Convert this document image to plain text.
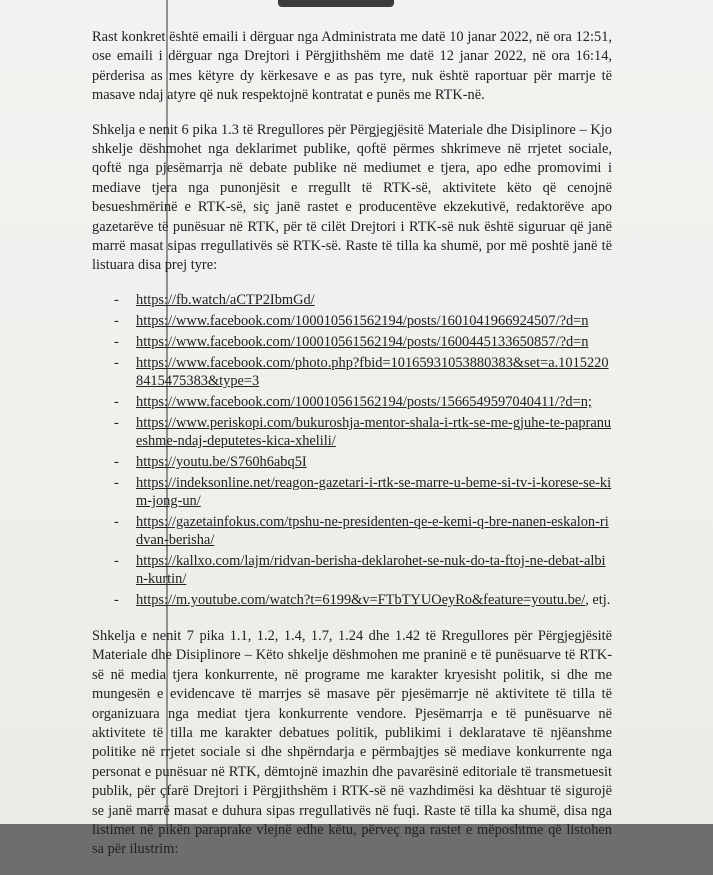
Rast konkret është emaili i dërguar nga Administrata me datë 10 janar 2022, në ora 12:51, ose emaili i dërguar nga Drejtori i Përgjithshëm me datë 12 janar 2022, në ora 16:14, përderisa as mes këtyre dy kërkesave e as pas tyre, nuk është raportuar për marrje të masave ndaj atyre që nuk respektojnë kontratat e punës me RTK-në.

Shkelja e nenit 6 pika 1.3 të Rregullores për Përgjegjësitë Materiale dhe Disiplinore – Kjo shkelje dëshmohet nga deklarimet publike, qoftë përmes shkrimeve në rrjetet sociale, qoftë nga pjesëmarrja në debate publike në mediumet e tjera, apo edhe promovimi i mediave tjera nga punonjësit e rregullt të RTK-së, aktivitete këto që cenojnë besueshmërinë e RTK-së, siç janë rastet e producentëve ekzekutivë, redaktorëve apo gazetarëve të punësuar në RTK, për të cilët Drejtori i RTK-së nuk është siguruar që janë marrë masat sipas rregullativës së RTK-së. Raste të tilla ka shumë, por më poshtë janë të listuara disa prej tyre:

- https://fb.watch/aCTP2IbmGd/
- https://www.facebook.com/100010561562194/posts/1601041966924507/?d=n
- https://www.facebook.com/100010561562194/posts/1600445133650857/?d=n
- https://www.facebook.com/photo.php?fbid=10165931053880383&set=a.10152208415475383&type=3
- https://www.facebook.com/100010561562194/posts/1566549597040411/?d=n;
- https://www.periskopi.com/bukuroshja-mentor-shala-i-rtk-se-me-gjuhe-te-papranueshme-ndaj-deputetes-kica-xhelili/
- https://youtu.be/S760h6abq5I
- https://indeksonline.net/reagon-gazetari-i-rtk-se-marre-u-beme-si-tv-i-korese-se-kim-jong-un/
- https://gazetainfokus.com/tpshu-ne-presidenten-qe-e-kemi-q-bre-nanen-eskalon-ridvan-berisha/
- https://kallxo.com/lajm/ridvan-berisha-deklarohet-se-nuk-do-ta-ftoj-ne-debat-albin-kurtin/
- https://m.youtube.com/watch?t=6199&v=FTbTYUOeyRo&feature=youtu.be/, etj.

Shkelja e nenit 7 pika 1.1, 1.2, 1.4, 1.7, 1.24 dhe 1.42 të Rregullores për Përgjegjësitë Materiale dhe Disiplinore – Këto shkelje dëshmohen me praninë e të punësuarve të RTK-së në media tjera konkurrente, në programe me karakter kryesisht politik, si dhe me mungesën e evidencave të marrjes së masave për pjesëmarrje në aktivitete të tilla të organizuara nga mediat tjera konkurrente vendore. Pjesëmarrja e të punësuarve në aktivitete të tilla me karakter debatues politik, publikimi i deklaratave të njëanshme politike në rrjetet sociale si dhe shpërndarja e përmbajtjes së mediave konkurrente nga personat e punësuar në RTK, dëmtojnë imazhin dhe pavarësinë editoriale të transmetuesit publik, për çfarë Drejtori i Përgjithshëm i RTK-së në vazhdimësi ka dështuar të sigurojë se janë marrë masat e duhura sipas rregullativës në fuqi. Raste të tilla ka shumë, disa nga listimet në pikën paraprake vlejnë edhe këtu, përveç nga rastet e mëposhtme që listohen sa për ilustrim:
